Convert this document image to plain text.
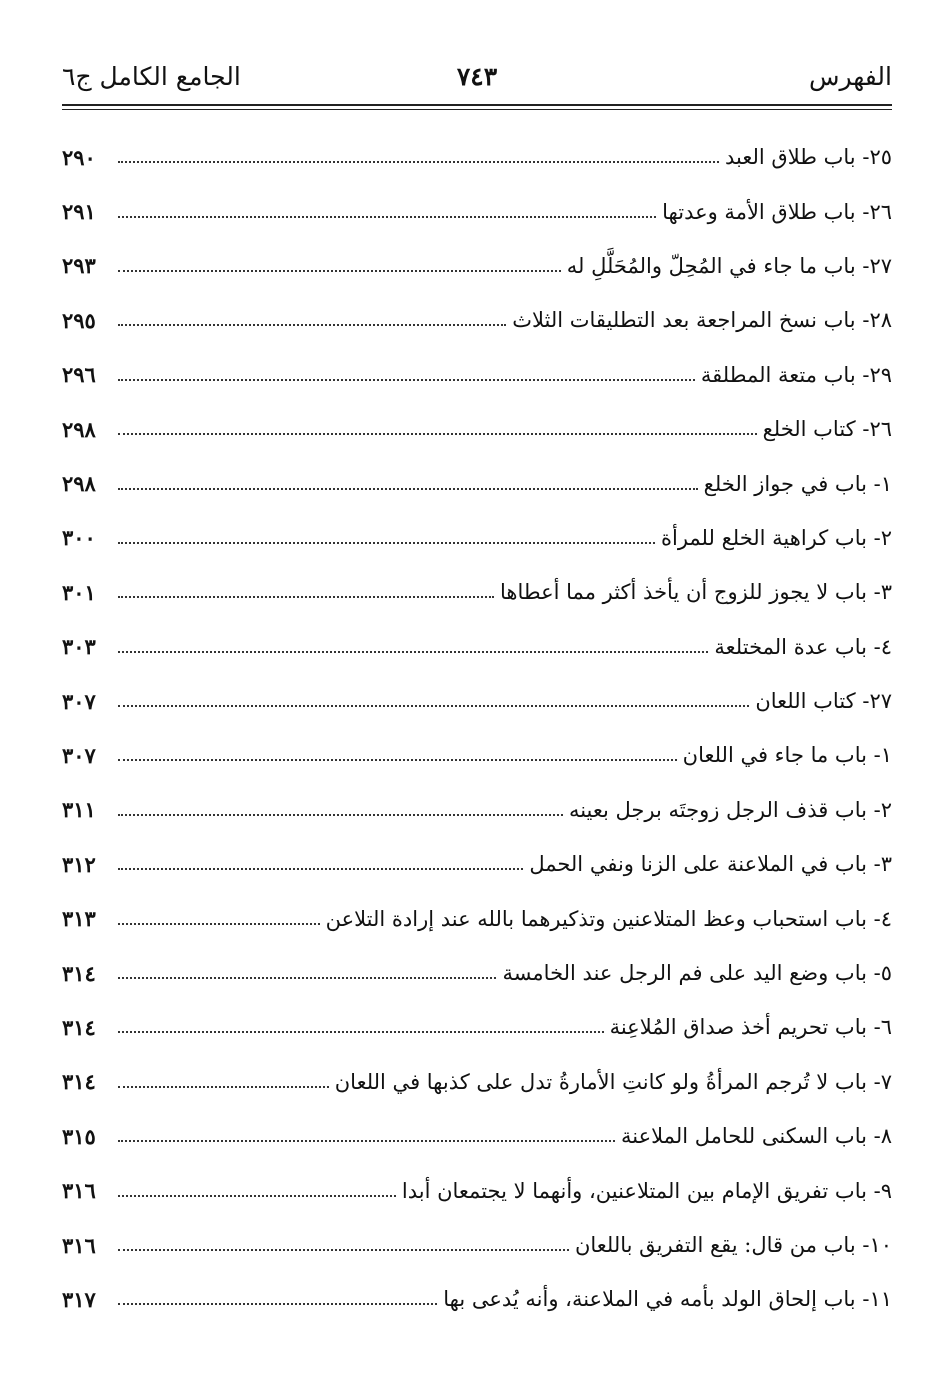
الجامع الكامل ج٦	٧٤٣	الفهرس
٢٥- باب طلاق العبد
٢٩٠
٢٦- باب طلاق الأمة وعدتها
٢٩١
٢٧- باب ما جاء في المُحِلّ والمُحَلَّلِ له
٢٩٣
٢٨- باب نسخ المراجعة بعد التطليقات الثلاث
٢٩٥
٢٩- باب متعة المطلقة
٢٩٦
٢٦- كتاب الخلع
٢٩٨
١- باب في جواز الخلع
٢٩٨
٢- باب كراهية الخلع للمرأة
٣٠٠
٣- باب لا يجوز للزوج أن يأخذ أكثر مما أعطاها
٣٠١
٤- باب عدة المختلعة
٣٠٣
٢٧- كتاب اللعان
٣٠٧
١- باب ما جاء في اللعان
٣٠٧
٢- باب قذف الرجل زوجتَه برجل بعينه
٣١١
٣- باب في الملاعنة على الزنا ونفي الحمل
٣١٢
٤- باب استحباب وعظ المتلاعنين وتذكيرهما بالله عند إرادة التلاعن
٣١٣
٥- باب وضع اليد على فم الرجل عند الخامسة
٣١٤
٦- باب تحريم أخذ صداق المُلاعِنة
٣١٤
٧- باب لا تُرجم المرأةُ ولو كانتِ الأمارةُ تدل على كذبها في اللعان
٣١٤
٨- باب السكنى للحامل الملاعنة
٣١٥
٩- باب تفريق الإمام بين المتلاعنين، وأنهما لا يجتمعان أبدا
٣١٦
١٠- باب من قال: يقع التفريق باللعان
٣١٦
١١- باب إلحاق الولد بأمه في الملاعنة، وأنه يُدعى بها
٣١٧
